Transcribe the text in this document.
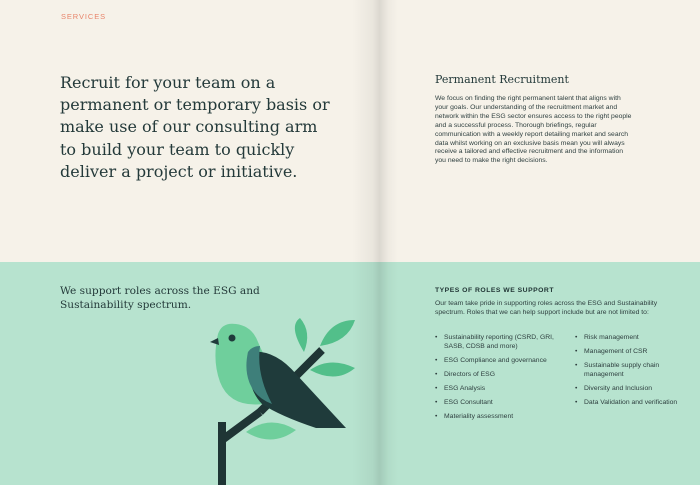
SERVICES
Recruit for your team on a permanent or temporary basis or make use of our consulting arm to build your team to quickly deliver a project or initiative.
Permanent Recruitment

We focus on finding the right permanent talent that aligns with your goals. Our understanding of the recruitment market and network within the ESG sector ensures access to the right people and a successful process. Thorough briefings, regular communication with a weekly report detailing market and search data whilst working on an exclusive basis mean you will always receive a tailored and effective recruitment and the information you need to make the right decisions.

We support roles across the ESG and Sustainability spectrum.
TYPES OF ROLES WE SUPPORT

Our team take pride in supporting roles across the ESG and Sustainability spectrum. Roles that we can help support include but are not limited to:

• Sustainability reporting (CSRD, GRI, SASB, CDSB and more)
• ESG Compliance and governance
• Directors of ESG
• ESG Analysis
• ESG Consultant
• Materiality assessment
• Risk management
• Management of CSR
• Sustainable supply chain management
• Diversity and Inclusion
• Data Validation and verification
